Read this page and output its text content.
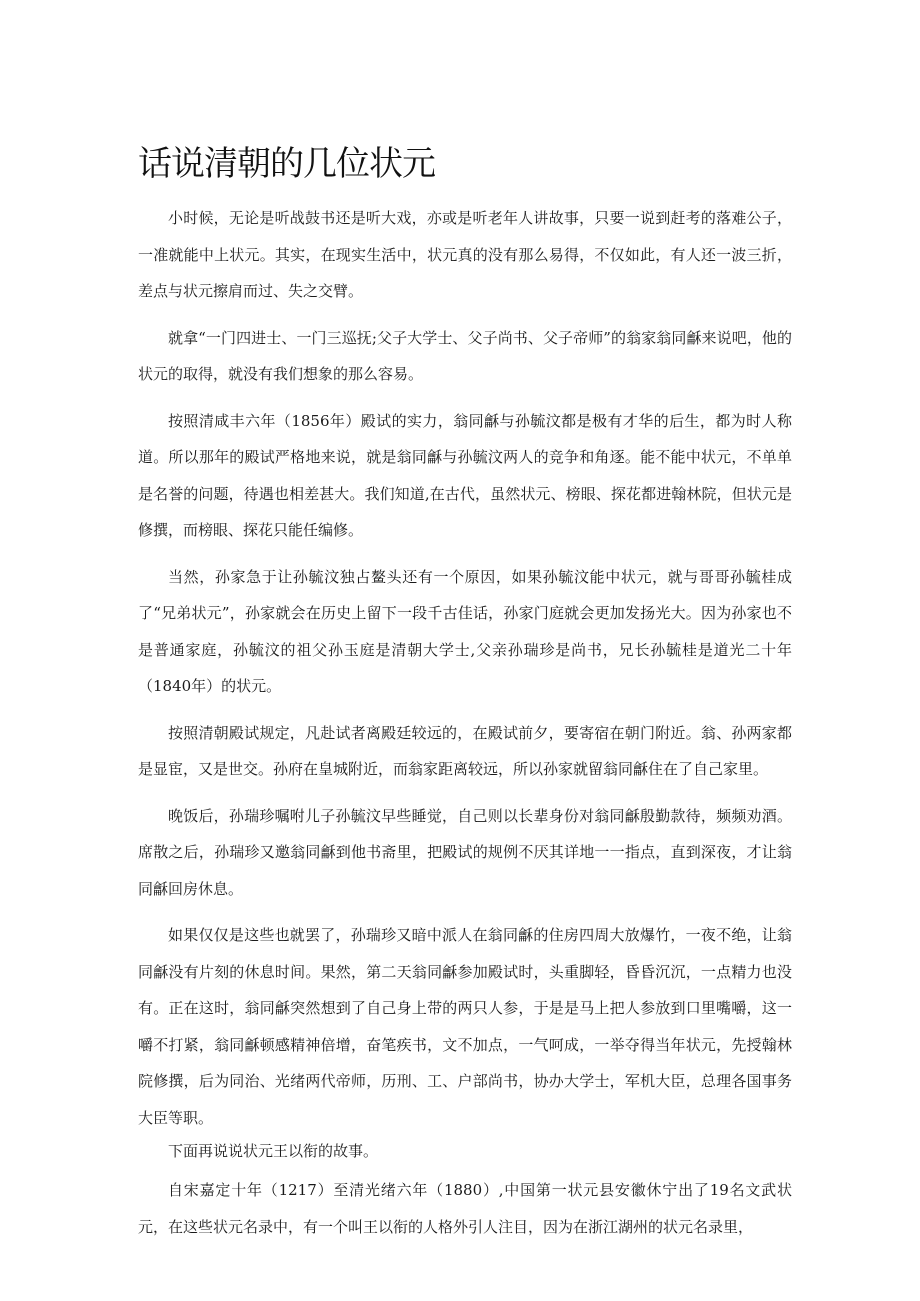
话说清朝的几位状元

小时候，无论是听战鼓书还是听大戏，亦或是听老年人讲故事，只要一说到赶考的落难公子，一准就能中上状元。其实，在现实生活中，状元真的没有那么易得，不仅如此，有人还一波三折，差点与状元擦肩而过、失之交臂。

就拿“一门四进士、一门三巡抚;父子大学士、父子尚书、父子帝师”的翁家翁同龢来说吧，他的状元的取得，就没有我们想象的那么容易。

按照清咸丰六年（1856年）殿试的实力，翁同龢与孙毓汶都是极有才华的后生，都为时人称道。所以那年的殿试严格地来说，就是翁同龢与孙毓汶两人的竞争和角逐。能不能中状元，不单单是名誉的问题，待遇也相差甚大。我们知道,在古代，虽然状元、榜眼、探花都进翰林院，但状元是修撰，而榜眼、探花只能任编修。

当然，孙家急于让孙毓汶独占鳌头还有一个原因，如果孙毓汶能中状元，就与哥哥孙毓桂成了“兄弟状元”，孙家就会在历史上留下一段千古佳话，孙家门庭就会更加发扬光大。因为孙家也不是普通家庭，孙毓汶的祖父孙玉庭是清朝大学士,父亲孙瑞珍是尚书，兄长孙毓桂是道光二十年（1840年）的状元。

按照清朝殿试规定，凡赴试者离殿廷较远的，在殿试前夕，要寄宿在朝门附近。翁、孙两家都是显宦，又是世交。孙府在皇城附近，而翁家距离较远，所以孙家就留翁同龢住在了自己家里。

晚饭后，孙瑞珍嘱咐儿子孙毓汶早些睡觉，自己则以长辈身份对翁同龢殷勤款待，频频劝酒。席散之后，孙瑞珍又邀翁同龢到他书斋里，把殿试的规例不厌其详地一一指点，直到深夜，才让翁同龢回房休息。

如果仅仅是这些也就罢了，孙瑞珍又暗中派人在翁同龢的住房四周大放爆竹，一夜不绝，让翁同龢没有片刻的休息时间。果然，第二天翁同龢参加殿试时，头重脚轻，昏昏沉沉，一点精力也没有。正在这时，翁同龢突然想到了自己身上带的两只人参，于是是马上把人参放到口里嘴嚼，这一嚼不打紧，翁同龢顿感精神倍增，奋笔疾书，文不加点，一气呵成，一举夺得当年状元，先授翰林院修撰，后为同治、光绪两代帝师，历刑、工、户部尚书，协办大学士，军机大臣，总理各国事务大臣等职。

下面再说说状元王以衔的故事。

自宋嘉定十年（1217）至清光绪六年（1880）,中国第一状元县安徽休宁出了19名文武状元，在这些状元名录中，有一个叫王以衔的人格外引人注目，因为在浙江湖州的状元名录里，
